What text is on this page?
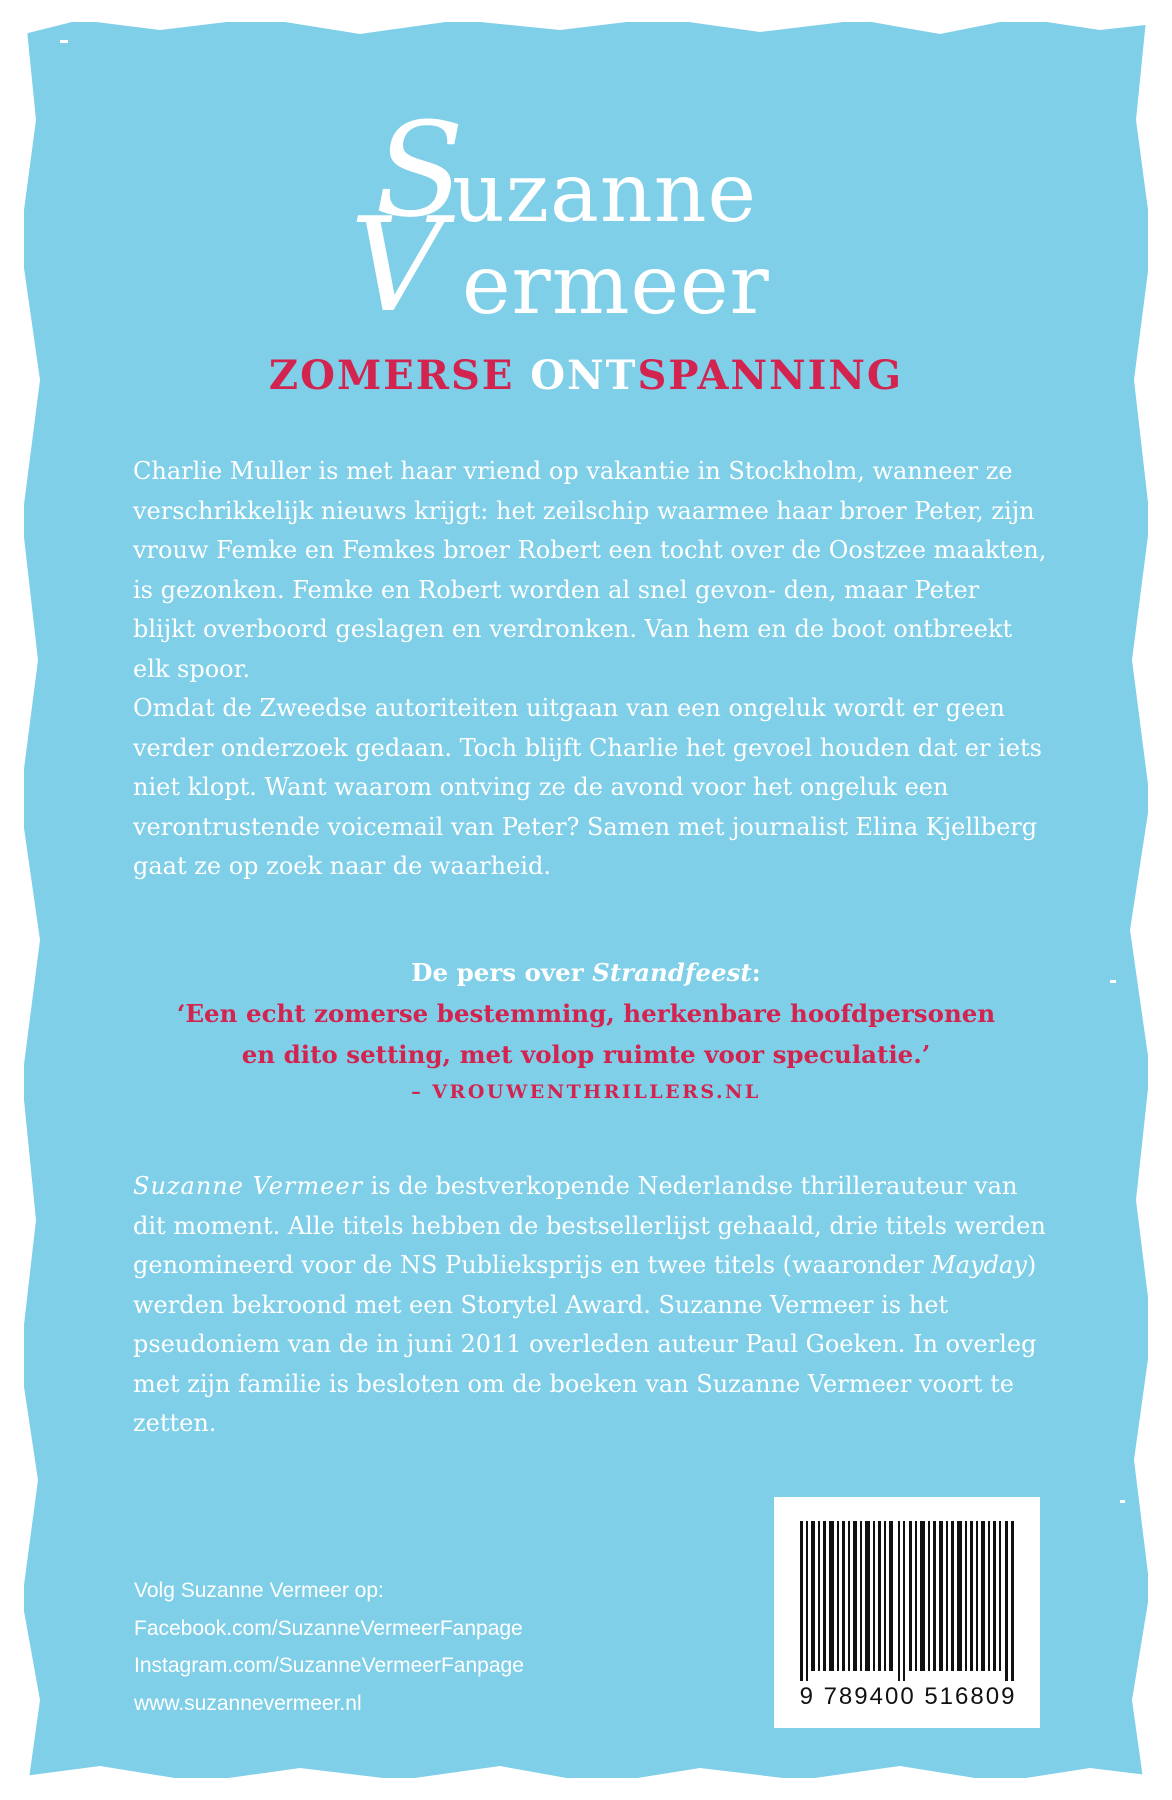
S
uzanne
V ermeer
ZOMERSE ONTSPANNING

Charlie Muller is met haar vriend op vakantie in Stockholm, wanneer ze verschrikkelijk nieuws krijgt: het zeilschip waarmee haar broer Peter, zijn vrouw Femke en Femkes broer Robert een tocht over de Oostzee maakten, is gezonken. Femke en Robert worden al snel gevon- den, maar Peter blijkt overboord geslagen en verdronken. Van hem en de boot ontbreekt elk spoor.

Omdat de Zweedse autoriteiten uitgaan van een ongeluk wordt er geen verder onderzoek gedaan. Toch blijft Charlie het gevoel houden dat er iets niet klopt. Want waarom ontving ze de avond voor het ongeluk een verontrustende voicemail van Peter? Samen met journalist Elina Kjellberg gaat ze op zoek naar de waarheid.

De pers over Strandfeest:
‘Een echt zomerse bestemming, herkenbare hoofdpersonen
en dito setting, met volop ruimte voor speculatie.’
– VROUWENTHRILLERS.NL
Suzanne Vermeer is de bestverkopende Nederlandse thrillerauteur van dit moment. Alle titels hebben de bestsellerlijst gehaald, drie titels werden genomineerd voor de NS Publieksprijs en twee titels (waaronder Mayday) werden bekroond met een Storytel Award. Suzanne Vermeer is het pseudoniem van de in juni 2011 overleden auteur Paul Goeken. In overleg met zijn familie is besloten om de boeken van Suzanne Vermeer voort te zetten.
Volg Suzanne Vermeer op:
Facebook.com/SuzanneVermeerFanpage
Instagram.com/SuzanneVermeerFanpage
www.suzannevermeer.nl	9 789400 516809
